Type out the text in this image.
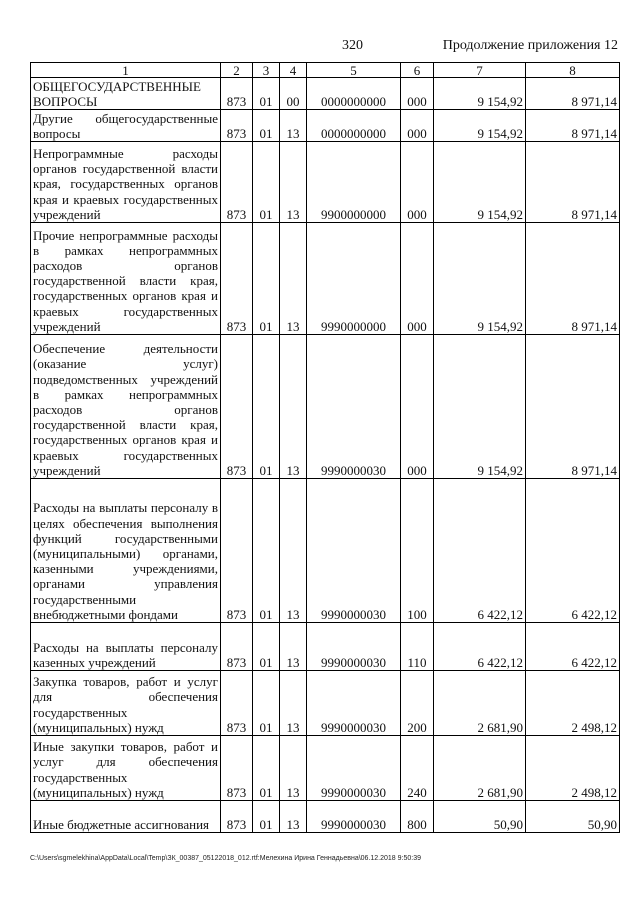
320	Продолжение приложения 12
1	2	3	4	5	6	7	8
ОБЩЕГОСУДАРСТВЕННЫЕ ВОПРОСЫ	873	01	00	0000000000	000	9 154,92	8 971,14
Другие общегосударственные вопросы	873	01	13	0000000000	000	9 154,92	8 971,14
Непрограммные расходы органов государственной власти края, государственных органов края и краевых государственных учреждений	873	01	13	9900000000	000	9 154,92	8 971,14
Прочие непрограммные расходы в рамках непрограммных расходов органов государственной власти края, государственных органов края и краевых государственных учреждений	873	01	13	9990000000	000	9 154,92	8 971,14
Обеспечение деятельности (оказание услуг) подведомственных учреждений в рамках непрограммных расходов органов государственной власти края, государственных органов края и краевых государственных учреждений	873	01	13	9990000030	000	9 154,92	8 971,14
Расходы на выплаты персоналу в целях обеспечения выполнения функций государственными (муниципальными) органами, казенными учреждениями, органами управления государственными внебюджетными фондами	873	01	13	9990000030	100	6 422,12	6 422,12
Расходы на выплаты персоналу казенных учреждений	873	01	13	9990000030	110	6 422,12	6 422,12
Закупка товаров, работ и услуг для обеспечения государственных (муниципальных) нужд	873	01	13	9990000030	200	2 681,90	2 498,12
Иные закупки товаров, работ и услуг для обеспечения государственных (муниципальных) нужд	873	01	13	9990000030	240	2 681,90	2 498,12
Иные бюджетные ассигнования	873	01	13	9990000030	800	50,90	50,90
C:\Users\sgmelekhina\AppData\Local\Temp\ЗК_00387_05122018_012.rtf:Мелехина Ирина Геннадьевна\06.12.2018 9:50:39
